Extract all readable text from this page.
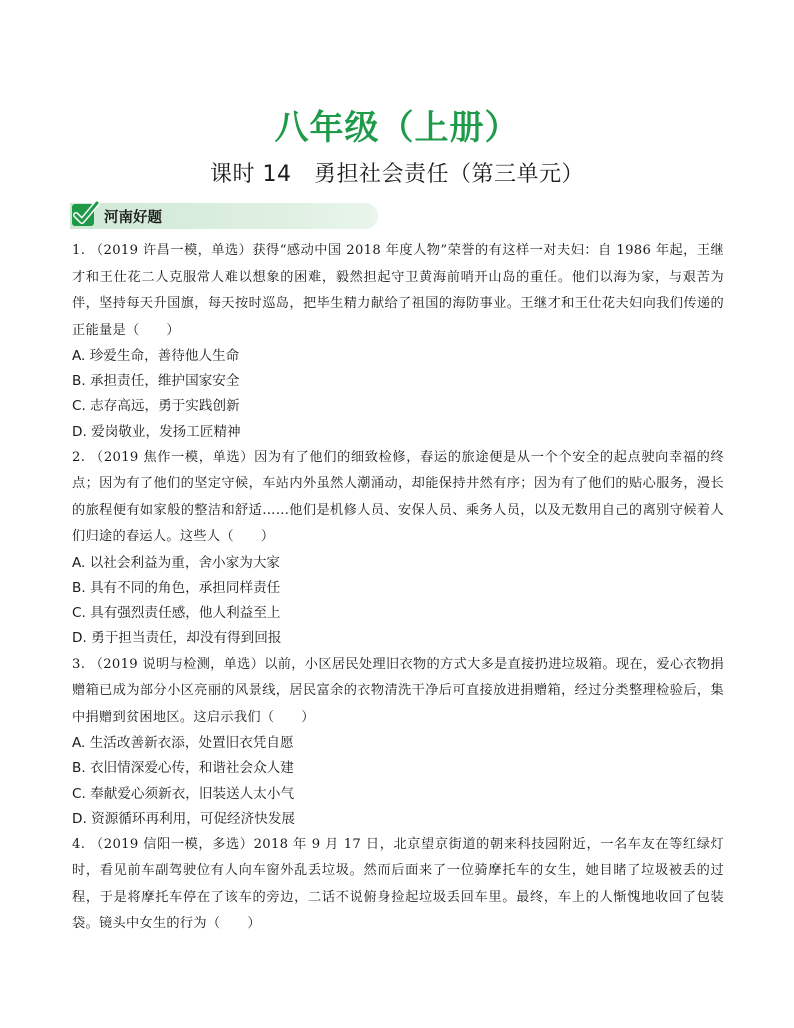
八年级（上册）
课时 14　勇担社会责任（第三单元）
河南好题

1. （2019 许昌一模，单选）获得“感动中国 2018 年度人物”荣誉的有这样一对夫妇：自 1986 年起，王继才和王仕花二人克服常人难以想象的困难，毅然担起守卫黄海前哨开山岛的重任。他们以海为家，与艰苦为伴，坚持每天升国旗，每天按时巡岛，把毕生精力献给了祖国的海防事业。王继才和王仕花夫妇向我们传递的正能量是（　　）

A. 珍爱生命，善待他人生命

B. 承担责任，维护国家安全

C. 志存高远，勇于实践创新

D. 爱岗敬业，发扬工匠精神

2. （2019 焦作一模，单选）因为有了他们的细致检修，春运的旅途便是从一个个安全的起点驶向幸福的终点；因为有了他们的坚定守候，车站内外虽然人潮涌动，却能保持井然有序；因为有了他们的贴心服务，漫长的旅程便有如家般的整洁和舒适……他们是机修人员、安保人员、乘务人员，以及无数用自己的离别守候着人们归途的春运人。这些人（　　）

A. 以社会利益为重，舍小家为大家

B. 具有不同的角色，承担同样责任

C. 具有强烈责任感，他人利益至上

D. 勇于担当责任，却没有得到回报

3. （2019 说明与检测，单选）以前，小区居民处理旧衣物的方式大多是直接扔进垃圾箱。现在，爱心衣物捐赠箱已成为部分小区亮丽的风景线，居民富余的衣物清洗干净后可直接放进捐赠箱，经过分类整理检验后，集中捐赠到贫困地区。这启示我们（　　）

A. 生活改善新衣添，处置旧衣凭自愿

B. 衣旧情深爱心传，和谐社会众人建

C. 奉献爱心须新衣，旧装送人太小气

D. 资源循环再利用，可促经济快发展

4. （2019 信阳一模，多选）2018 年 9 月 17 日，北京望京街道的朝来科技园附近，一名车友在等红绿灯时，看见前车副驾驶位有人向车窗外乱丢垃圾。然而后面来了一位骑摩托车的女生，她目睹了垃圾被丢的过程，于是将摩托车停在了该车的旁边，二话不说俯身捡起垃圾丢回车里。最终，车上的人惭愧地收回了包装袋。镜头中女生的行为（　　）
